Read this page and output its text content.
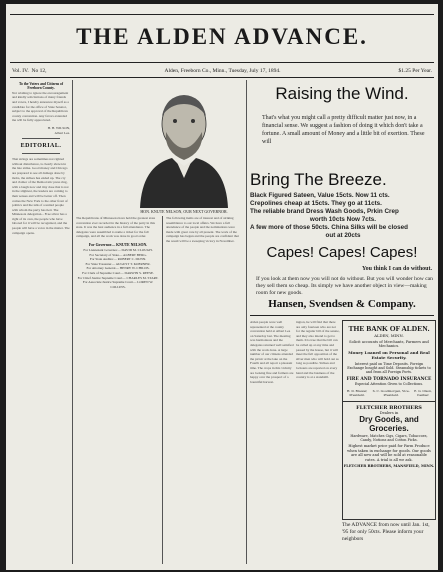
THE ALDEN ADVANCE.
Vol. IV. No 12,	Alden, Freeborn Co., Minn., Tuesday, July 17, 1894.	$1.25 Per Year.
To the Voters and Citizens of Freeborn County.
Not wishing to ignore the encouragement and kindly solicitations of many friends and voters, I hereby announce myself as a candidate for the office of State Senator, subject to the approval of the Republican county convention. Any favors extended me will be fully appreciated.
H. H. WILSON,
Albert Lea.
EDITORIAL.
That strings are sometimes not righted without disturbance, is clearly shown in the late strike. Good money and Chicago are prepared to see all damage done by mobs, the strikes has ended up. The cry and clamor of the Democratic press ring, with a laugh now and tiny dose that is not in the slightest, the leaders are coming to their senses and will be better off. Then comes the New York to the other front of politics and the talk of a united people with whom the party has tied. The Minnesota delegation... Free silver has a right of its own, the people who have labored for it will be recognized, and the people will have a voice in the matter. The campaign opens.
HON. KNUTE NELSON, OUR NEXT GOVERNOR.
The Republicans of Minnesota have held the greatest state convention ever recorded in the history of the party in this state. It was the best audience in a full attendance. The delegates were assembled to name a ticket for the fall campaign, and all the work was done in good order.
For Governor— KNUTE NELSON.
For Lieutenant Governor— DAVID M. CLOUGH.
For Secretary of State— ALBERT BERG.
For State Auditor— ROBERT C. DUNN.
For State Treasurer— AUGUST T. KOERNER.
For Attorney General— HENRY W. CHILDS.
For Clerk of Supreme Court— DARWIN S. REESE.
For Chief Justice Supreme Court— CHARLES M. START.
For Associate Justice Supreme Court— LOREN W. COLLINS.
The following items are of interest and of striking resemblance to our local affairs. We have a full attendance of the people and the nominations were made with great care by all present. The work of the campaign has begun and the people are confident that the result will be a sweeping victory in November.
Raising the Wind.
That's what you might call a pretty difficult matter just now, in a financial sense. We suggest a fashion of doing it which don't take a fortune. A small amount of Money and a little bit of exertion. These will
Bring The Breeze.
Black Figured Sateen, Value 15cts. Now 11 cts.
Crepolines cheap at 15cts. They go at 11cts.
The reliable brand Dress Wash Goods, Prkin Crep
worth 10cts Now 7cts.
A few more of those 50cts. China Silks will be closed
out at 20cts
Capes! Capes! Capes!
You think I can do without.
If you look at them now you will not do without. But you will wonder how can they sell them so cheap. Its simply we have another object in view—making room for new goods.
Hansen, Svendsen & Company.
Alden people were well represented at the county convention held at Albert Lea on Saturday last. The meeting was harmonious and the delegates returned well satisfied with the work done. A large number of our citizens attended the picnic at the lake on the Fourth and all report a pleasant time. The crops in this vicinity are looking fine and farmers are happy over the prospect of a bountiful harvest.
ington, he will find that there are only fourteen who are not for the regular bill of the senate, and they also intend to get to them. It is true that the bill can be called up at any time and passed by the house, but it will meet the full opposition of the silver men who will hold out as long as possible. Strikes and lockouts are reported on every hand and the business of the country is at a standstill.
THE BANK OF ALDEN.
ALDEN, MINN.
Solicit accounts of Merchants, Farmers and Mechanics.
Money Loaned on Personal and Real Estate Security.
Interest paid on Time Deposits. Foreign Exchange bought and Sold. Steamship tickets to and from all Foreign Ports.
FIRE AND TORNADO INSURANCE
Especial Attention Given to Collections.
H. D. Brewer, President.
S. C. Goodmorgen, Vice-President.
E. G. Olson, Cashier.
FLETCHER BROTHERS
Dealers in
Dry Goods, and Groceries.
Hardware, Matches Cigs, Cigars, Tobaccoes, Candy, Notions and Cotton Picks.
Highest market price paid for Farm Produce when taken in exchange for goods. Our goods are all new and will be sold at reasonable rates. A trial is all we ask.
FLETCHER BROTHERS, MANSFIELD, MINN.
The ADVANCE from now until Jan. 1st, '95 for only 50cts. Please inform your neighbors
